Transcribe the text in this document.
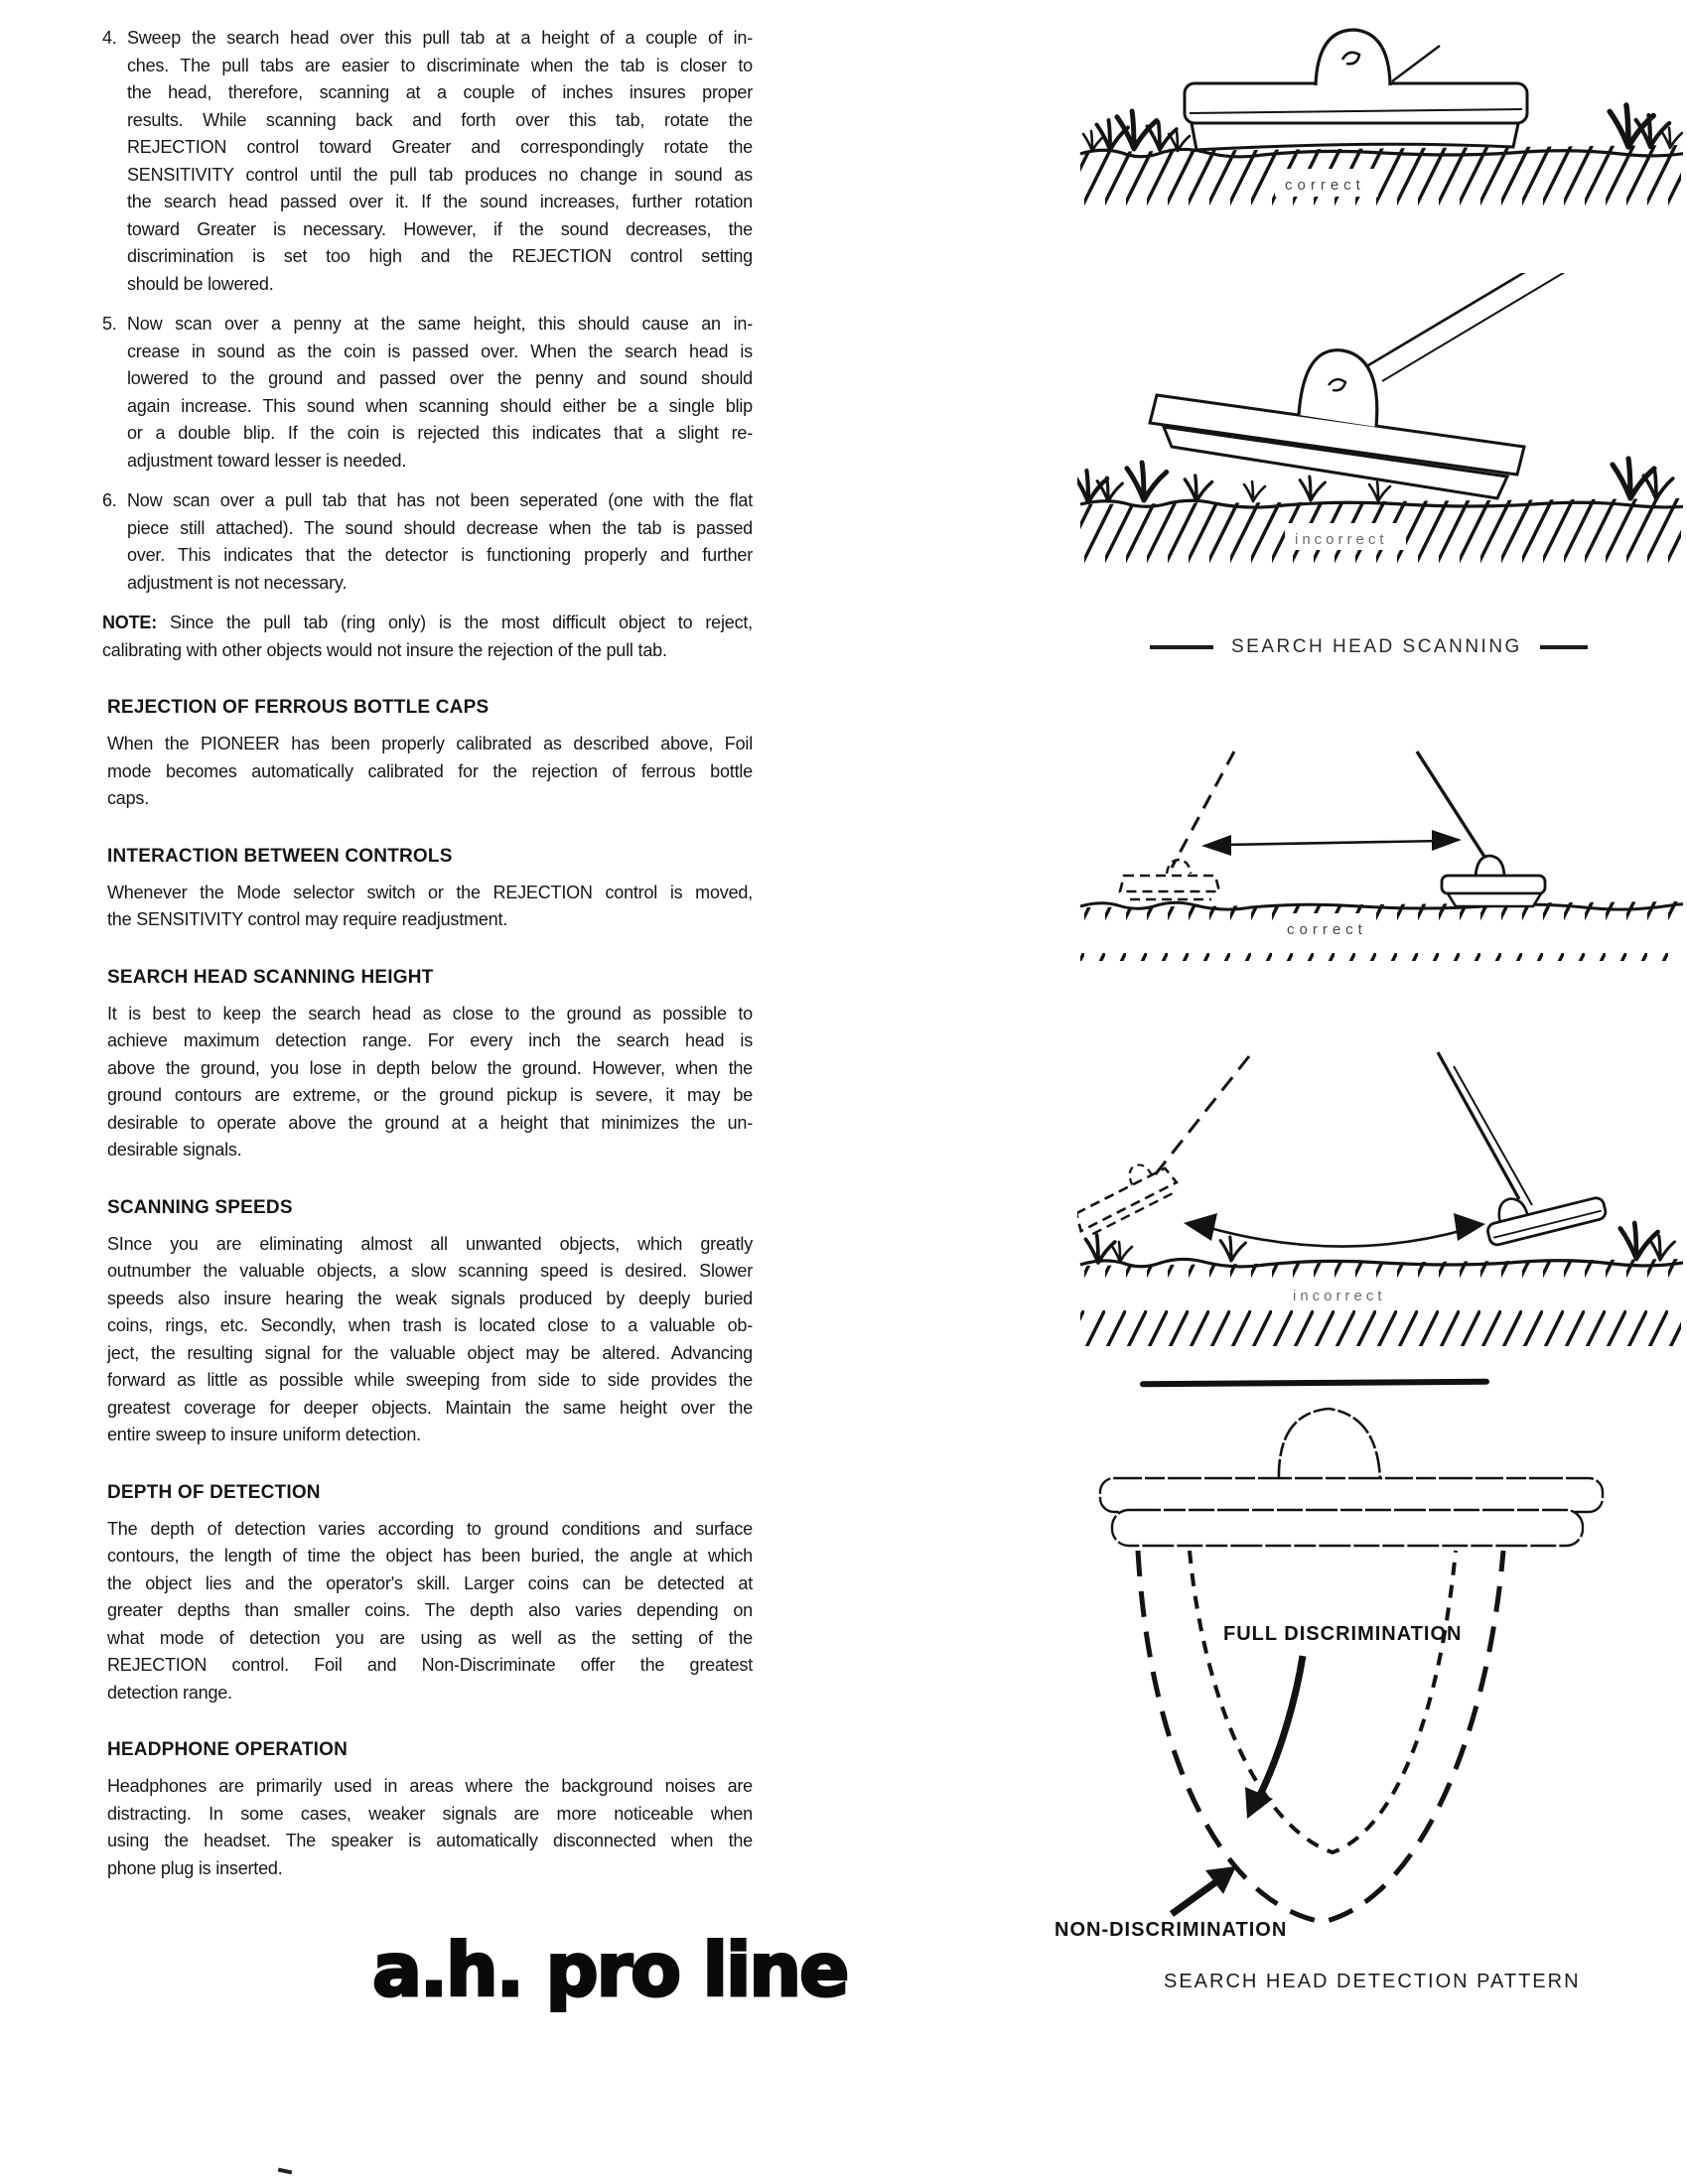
4. Sweep the search head over this pull tab at a height of a couple of in-
ches. The pull tabs are easier to discriminate when the tab is closer to
the head, therefore, scanning at a couple of inches insures proper
results. While scanning back and forth over this tab, rotate the
REJECTION control toward Greater and correspondingly rotate the
SENSITIVITY control until the pull tab produces no change in sound as
the search head passed over it. If the sound increases, further rotation
toward Greater is necessary. However, if the sound decreases, the
discrimination is set too high and the REJECTION control setting
should be lowered.
5. Now scan over a penny at the same height, this should cause an in-
crease in sound as the coin is passed over. When the search head is
lowered to the ground and passed over the penny and sound should
again increase. This sound when scanning should either be a single blip
or a double blip. If the coin is rejected this indicates that a slight re-
adjustment toward lesser is needed.
6. Now scan over a pull tab that has not been seperated (one with the flat
piece still attached). The sound should decrease when the tab is passed
over. This indicates that the detector is functioning properly and further
adjustment is not necessary.
NOTE: Since the pull tab (ring only) is the most difficult object to reject,
calibrating with other objects would not insure the rejection of the pull tab.
REJECTION OF FERROUS BOTTLE CAPS
When the PIONEER has been properly calibrated as described above, Foil
mode becomes automatically calibrated for the rejection of ferrous bottle
caps.
INTERACTION BETWEEN CONTROLS
Whenever the Mode selector switch or the REJECTION control is moved,
the SENSITIVITY control may require readjustment.
SEARCH HEAD SCANNING HEIGHT
It is best to keep the search head as close to the ground as possible to
achieve maximum detection range. For every inch the search head is
above the ground, you lose in depth below the ground. However, when the
ground contours are extreme, or the ground pickup is severe, it may be
desirable to operate above the ground at a height that minimizes the un-
desirable signals.
SCANNING SPEEDS
SInce you are eliminating almost all unwanted objects, which greatly
outnumber the valuable objects, a slow scanning speed is desired. Slower
speeds also insure hearing the weak signals produced by deeply buried
coins, rings, etc. Secondly, when trash is located close to a valuable ob-
ject, the resulting signal for the valuable object may be altered. Advancing
forward as little as possible while sweeping from side to side provides the
greatest coverage for deeper objects. Maintain the same height over the
entire sweep to insure uniform detection.
DEPTH OF DETECTION
The depth of detection varies according to ground conditions and surface
contours, the length of time the object has been buried, the angle at which
the object lies and the operator's skill. Larger coins can be detected at
greater depths than smaller coins. The depth also varies depending on
what mode of detection you are using as well as the setting of the
REJECTION control. Foil and Non-Discriminate offer the greatest
detection range.
HEADPHONE OPERATION
Headphones are primarily used in areas where the background noises are
distracting. In some cases, weaker signals are more noticeable when
using the headset. The speaker is automatically disconnected when the
phone plug is inserted.
a.h. pro line
correct
incorrect
SEARCH HEAD SCANNING
correct
incorrect
FULL DISCRIMINATION
NON-DISCRIMINATION
SEARCH HEAD DETECTION PATTERN
